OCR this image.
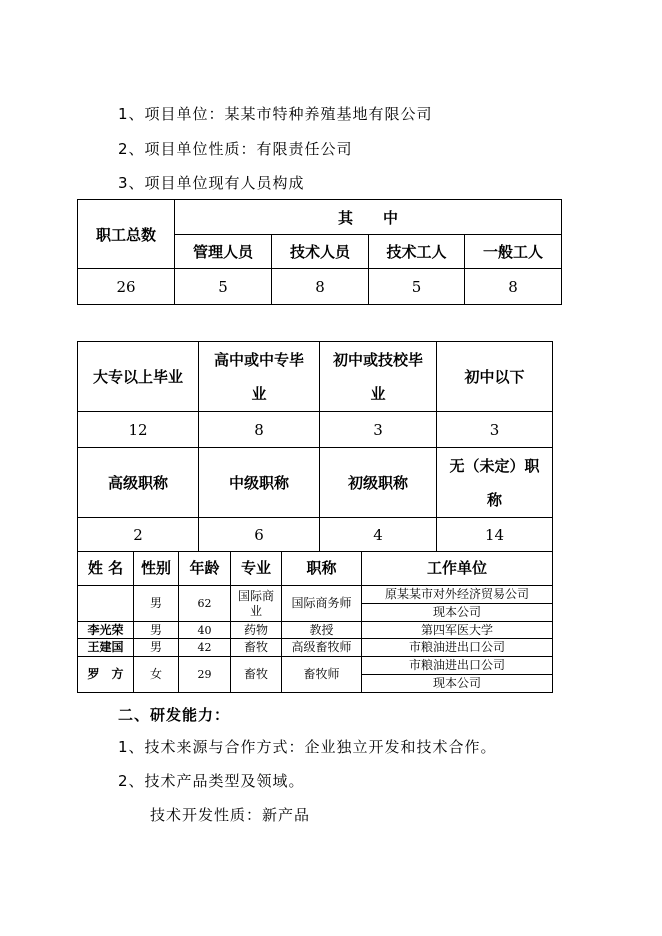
1、项目单位：某某市特种养殖基地有限公司
2、项目单位性质：有限责任公司
3、项目单位现有人员构成
职工总数	其　　中			
	管理人员	技术人员	技术工人	一般工人
26	5	8	5	8
大专以上毕业	高中或中专毕业	初中或技校毕业	初中以下
12	8	3	3
高级职称	中级职称	初级职称	无（未定）职称
2	6	4	14
姓 名	性别	年龄	专业	职称	工作单位
	男	62	国际商业	国际商务师	原某某市对外经济贸易公司
					现本公司
李光荣	男	40	药物	教授	第四军医大学
王建国	男	42	畜牧	高级畜牧师	市粮油进出口公司
罗　方	女	29	畜牧	畜牧师	市粮油进出口公司
					现本公司
二、研发能力：
1、技术来源与合作方式：企业独立开发和技术合作。
2、技术产品类型及领域。
技术开发性质：新产品
